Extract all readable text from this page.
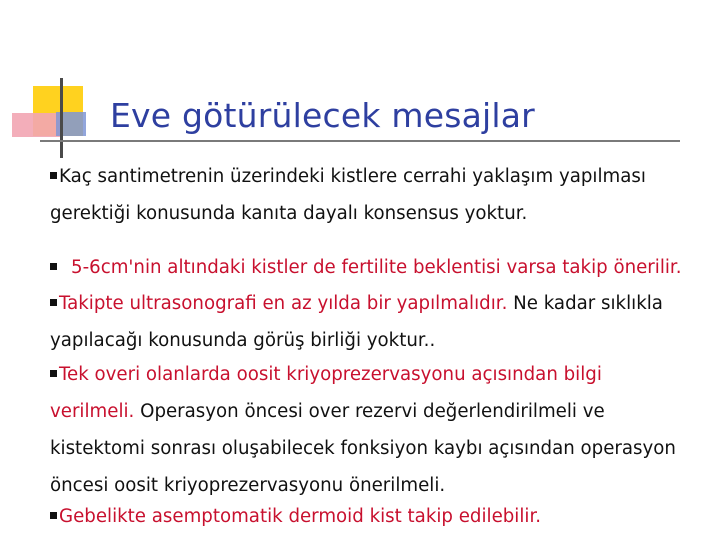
Eve götürülecek mesajlar
Kaç santimetrenin üzerindeki kistlere cerrahi yaklaşım yapılması gerektiği konusunda kanıta dayalı konsensus yoktur.
5-6cm'nin altındaki kistler de fertilite beklentisi varsa takip önerilir.
Takipte ultrasonografi en az yılda bir yapılmalıdır. Ne kadar sıklıkla yapılacağı konusunda görüş birliği yoktur..
Tek overi olanlarda oosit kriyoprezervasyonu açısından bilgi verilmeli. Operasyon öncesi over rezervi değerlendirilmeli ve kistektomi sonrası oluşabilecek fonksiyon kaybı açısından operasyon öncesi oosit kriyoprezervasyonu önerilmeli.
Gebelikte asemptomatik dermoid kist takip edilebilir.
